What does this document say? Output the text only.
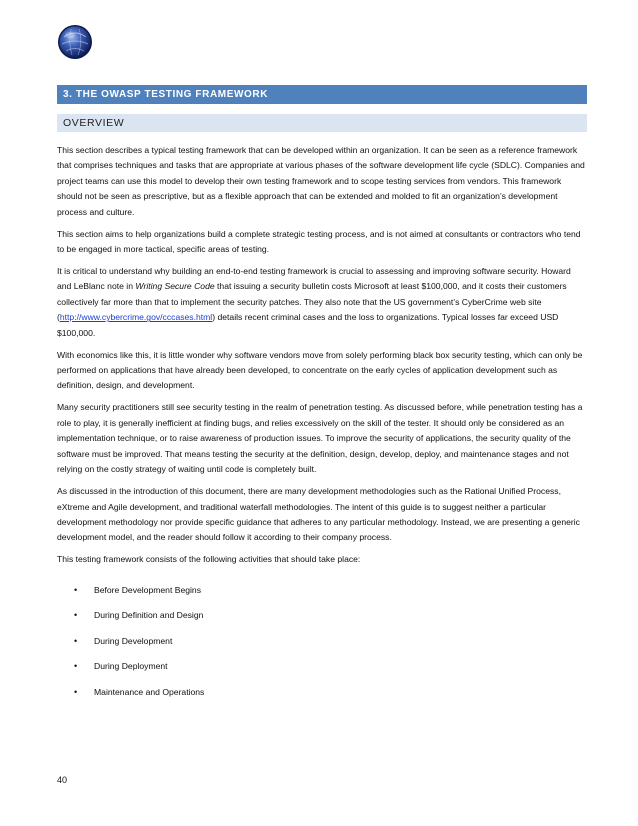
3. THE OWASP TESTING FRAMEWORK
OVERVIEW

This section describes a typical testing framework that can be developed within an organization. It can be seen as a reference framework that comprises techniques and tasks that are appropriate at various phases of the software development life cycle (SDLC). Companies and project teams can use this model to develop their own testing framework and to scope testing services from vendors. This framework should not be seen as prescriptive, but as a flexible approach that can be extended and molded to fit an organization’s development process and culture.

This section aims to help organizations build a complete strategic testing process, and is not aimed at consultants or contractors who tend to be engaged in more tactical, specific areas of testing.

It is critical to understand why building an end-to-end testing framework is crucial to assessing and improving software security. Howard and LeBlanc note in Writing Secure Code that issuing a security bulletin costs Microsoft at least $100,000, and it costs their customers collectively far more than that to implement the security patches. They also note that the US government’s CyberCrime web site (http://www.cybercrime.gov/cccases.html) details recent criminal cases and the loss to organizations. Typical losses far exceed USD $100,000.

With economics like this, it is little wonder why software vendors move from solely performing black box security testing, which can only be performed on applications that have already been developed, to concentrate on the early cycles of application development such as definition, design, and development.

Many security practitioners still see security testing in the realm of penetration testing. As discussed before, while penetration testing has a role to play, it is generally inefficient at finding bugs, and relies excessively on the skill of the tester. It should only be considered as an implementation technique, or to raise awareness of production issues. To improve the security of applications, the security quality of the software must be improved. That means testing the security at the definition, design, develop, deploy, and maintenance stages and not relying on the costly strategy of waiting until code is completely built.

As discussed in the introduction of this document, there are many development methodologies such as the Rational Unified Process, eXtreme and Agile development, and traditional waterfall methodologies. The intent of this guide is to suggest neither a particular development methodology nor provide specific guidance that adheres to any particular methodology. Instead, we are presenting a generic development model, and the reader should follow it according to their company process.

This testing framework consists of the following activities that should take place:

•	Before Development Begins
•	During Definition and Design
•	During Development
•	During Deployment
•	Maintenance and Operations
40
